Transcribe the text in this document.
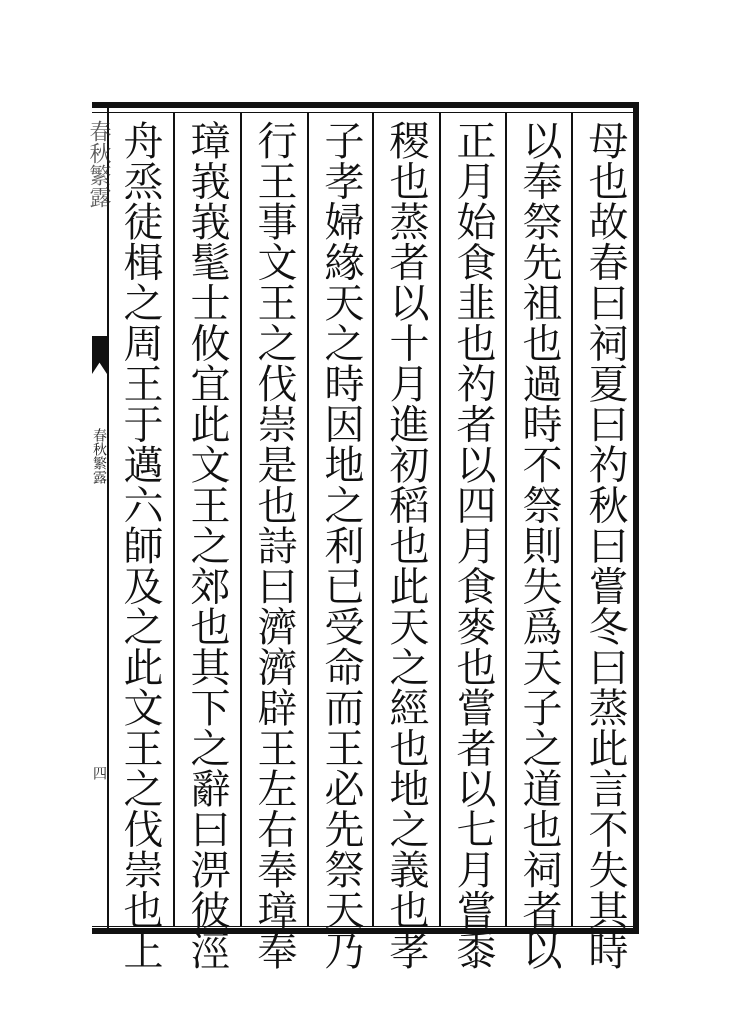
母也故春曰祠夏曰礿秋曰嘗冬曰蒸此言不失其時
以奉祭先祖也過時不祭則失爲天子之道也祠者以
正月始食韭也礿者以四月食麥也嘗者以七月嘗黍
稷也蒸者以十月進初稻也此天之經也地之義也孝
子孝婦緣天之時因地之利已受命而王必先祭天乃
行王事文王之伐崇是也詩曰濟濟辟王左右奉璋奉
璋峩峩髦士攸宜此文王之郊也其下之辭曰淠彼涇
舟烝徒楫之周王于邁六師及之此文王之伐崇也上
春秋繁露
春秋繁露
四
